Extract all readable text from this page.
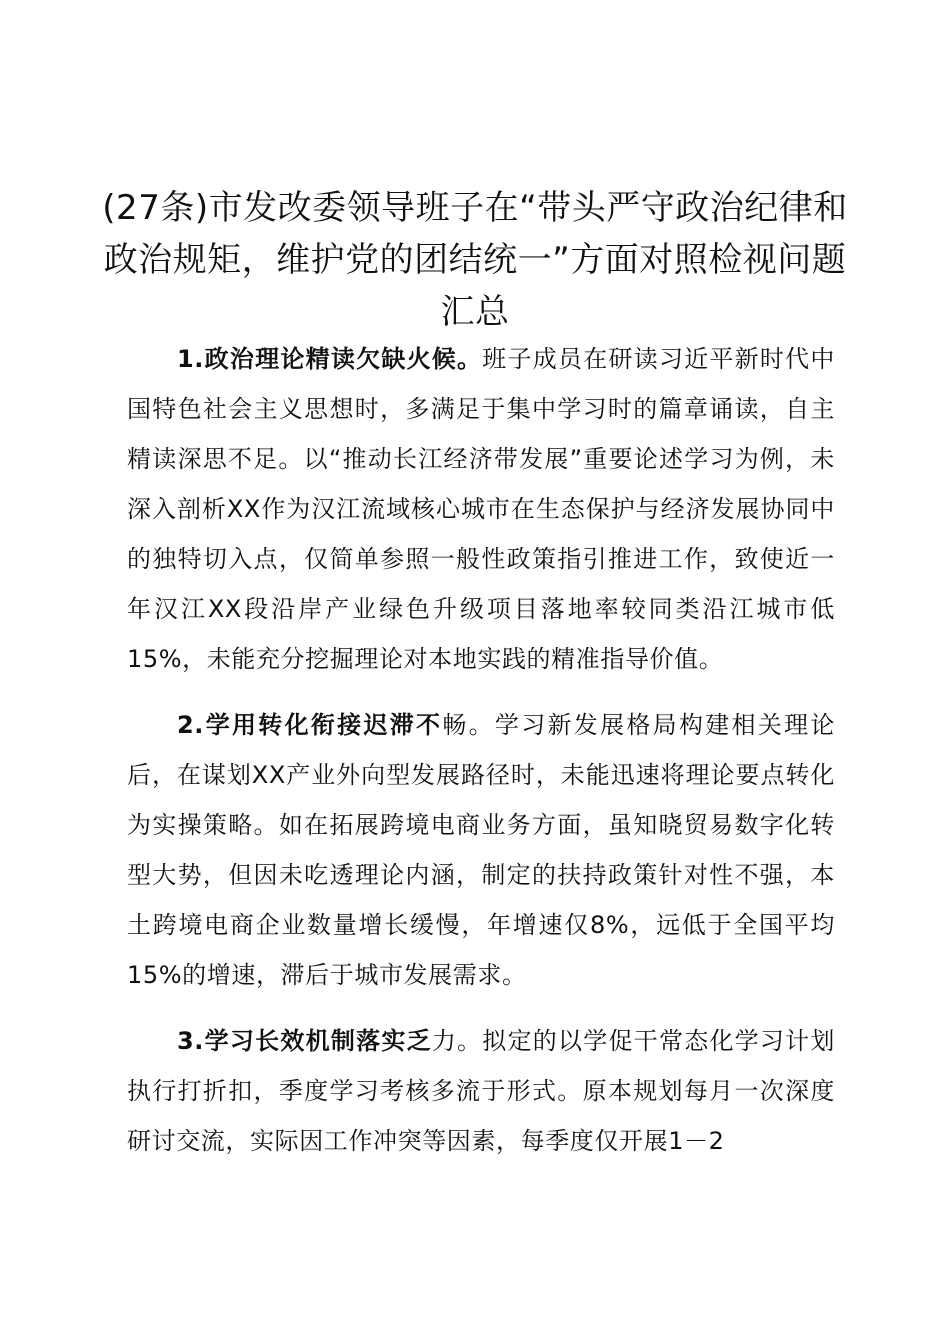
(27条)市发改委领导班子在“带头严守政治纪律和政治规矩，维护党的团结统一”方面对照检视问题汇总

1.政治理论精读欠缺火候。班子成员在研读习近平新时代中国特色社会主义思想时，多满足于集中学习时的篇章诵读，自主精读深思不足。以“推动长江经济带发展”重要论述学习为例，未深入剖析XX作为汉江流域核心城市在生态保护与经济发展协同中的独特切入点，仅简单参照一般性政策指引推进工作，致使近一年汉江XX段沿岸产业绿色升级项目落地率较同类沿江城市低15%，未能充分挖掘理论对本地实践的精准指导价值。

2.学用转化衔接迟滞不畅。学习新发展格局构建相关理论后，在谋划XX产业外向型发展路径时，未能迅速将理论要点转化为实操策略。如在拓展跨境电商业务方面，虽知晓贸易数字化转型大势，但因未吃透理论内涵，制定的扶持政策针对性不强，本土跨境电商企业数量增长缓慢，年增速仅8%，远低于全国平均15%的增速，滞后于城市发展需求。

3.学习长效机制落实乏力。拟定的以学促干常态化学习计划执行打折扣，季度学习考核多流于形式。原本规划每月一次深度研讨交流，实际因工作冲突等因素，每季度仅开展1－2
